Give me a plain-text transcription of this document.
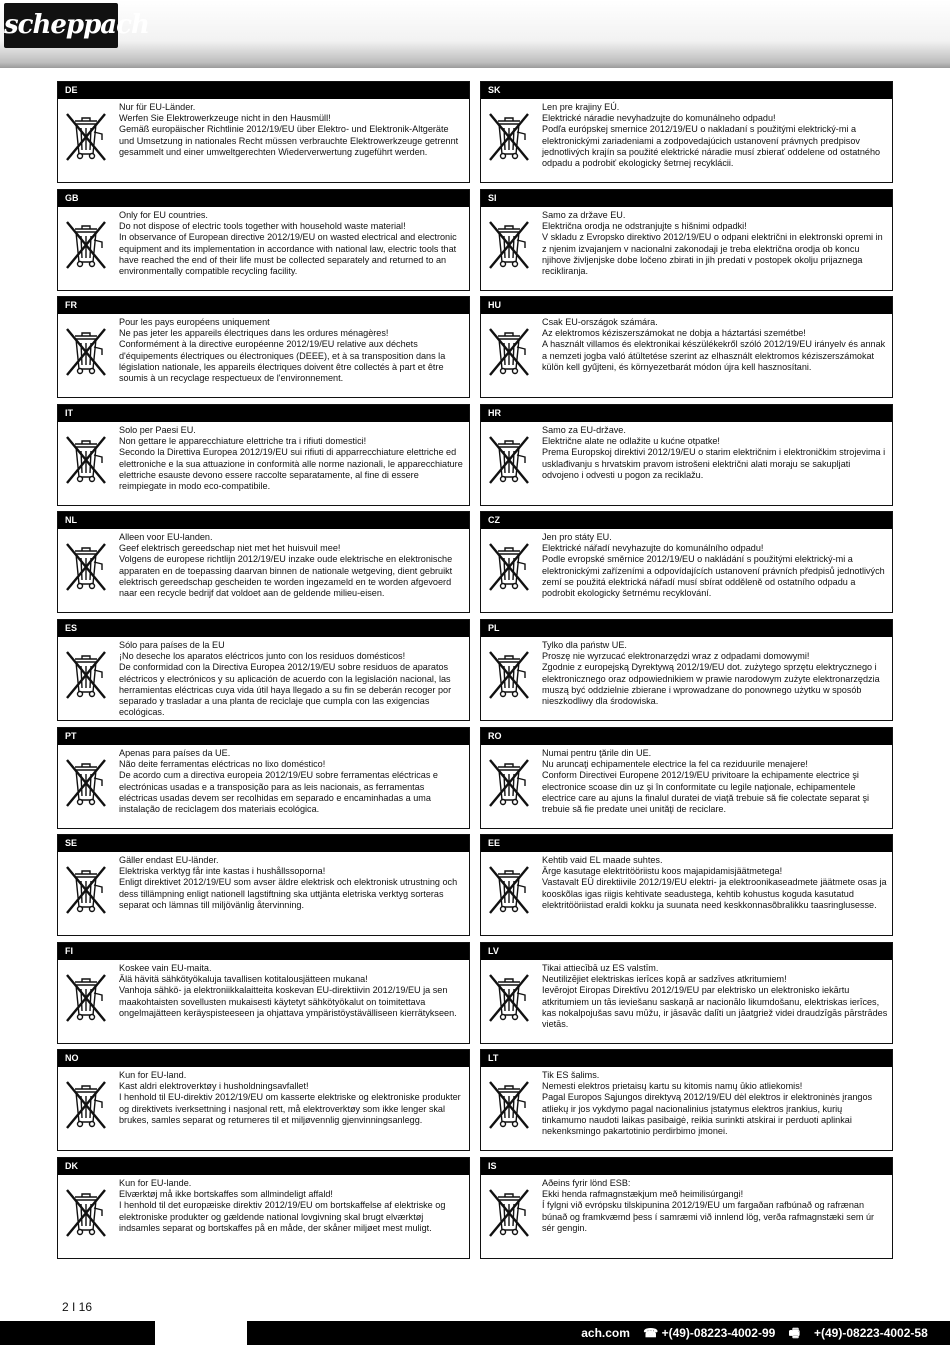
scheppach
DE
Nur für EU-Länder.
Werfen Sie Elektrowerkzeuge nicht in den Hausmüll!
Gemäß europäischer Richtlinie 2012/19/EU über Elektro- und Elektronik-Altgeräte und Umsetzung in nationales Recht müssen verbrauchte Elektrowerkzeuge getrennt gesammelt und einer umweltgerechten Wiederverwertung zugeführt werden.
SK
Len pre krajiny EÚ.
Elektrické náradie nevyhadzujte do komunálneho odpadu!
Podľa európskej smernice 2012/19/EU o nakladaní s použitými elektrický-mi a elektronickými zariadeniami a zodpovedajúcich ustanovení právnych predpisov jednotlivých krajín sa použité elektrické náradie musí zbierať oddelene od ostatného odpadu a podrobiť ekologicky šetrnej recyklácii.
GB
Only for EU countries.
Do not dispose of electric tools together with household waste material!
In observance of European directive 2012/19/EU on wasted electrical and electronic equipment and its implementation in accordance with national law, electric tools that have reached the end of their life must be collected separately and returned to an environmentally compatible recycling facility.
SI
Samo za države EU.
Električna orodja ne odstranjujte s hišnimi odpadki!
V skladu z Evropsko direktivo 2012/19/EU o odpani električni in elektronski opremi in z njenim izvajanjem v nacionalni zakonodaji je treba električna orodja ob koncu njihove življenjske dobe ločeno zbirati in jih predati v postopek okolju prijaznega recikliranja.
FR
Pour les pays européens uniquement
Ne pas jeter les appareils électriques dans les ordures ménagères!
Conformément à la directive européenne 2012/19/EU relative aux déchets d'équipements électriques ou électroniques (DEEE), et à sa transposition dans la législation nationale, les appareils électriques doivent être collectés à part et être soumis à un recyclage respectueux de l'environnement.
HU
Csak EU-országok számára.
Az elektromos kéziszerszámokat ne dobja a háztartási szemétbe!
A használt villamos és elektronikai készülékekről szóló 2012/19/EU irányelv és annak a nemzeti jogba való átültetése szerint az elhasznált elektromos kéziszerszámokat külön kell gyűjteni, és környezetbarát módon újra kell hasznosítani.
IT
Solo per Paesi EU.
Non gettare le apparecchiature elettriche tra i rifiuti domestici!
Secondo la Direttiva Europea 2012/19/EU sui rifiuti di apparrecchiature elettriche ed elettroniche e la sua attuazione in conformità alle norme nazionali, le apparecchiature elettriche esauste devono essere raccolte separatamente, al fine di essere reimpiegate in modo eco-compatibile.
HR
Samo za EU-države.
Električne alate ne odlažite u kućne otpatke!
Prema Europskoj direktivi 2012/19/EU o starim električnim i elektroničkim strojevima i usklađivanju s hrvatskim pravom istrošeni električni alati moraju se sakupljati odvojeno i odvesti u pogon za reciklažu.
NL
Alleen voor EU-landen.
Geef elektrisch gereedschap niet met het huisvuil mee!
Volgens de europese richtlijn 2012/19/EU inzake oude elektrische en elektronische apparaten en de toepassing daarvan binnen de nationale wetgeving, dient gebruikt elektrisch gereedschap gescheiden te worden ingezameld en te worden afgevoerd naar een recycle bedrijf dat voldoet aan de geldende milieu-eisen.
CZ
Jen pro státy EU.
Elektrické nářadí nevyhazujte do komunálního odpadu!
Podle evropské směrnice 2012/19/EU o nakládání s použitými elektrický-mi a elektronickými zařízeními a odpovídajících ustanovení právních předpisů jednotlivých zemí se použitá elektrická nářadí musí sbírat odděleně od ostatního odpadu a podrobit ekologicky šetrnému recyklování.
ES
Sólo para países de la EU
¡No deseche los aparatos eléctricos junto con los residuos domésticos!
De conformidad con la Directiva Europea 2012/19/EU sobre residuos de aparatos eléctricos y electrónicos y su aplicación de acuerdo con la legislación nacional, las herramientas eléctricas cuya vida útil haya llegado a su fin se deberán recoger por separado y trasladar a una planta de reciclaje que cumpla con las exigencias ecológicas.
PL
Tylko dla państw UE.
Proszę nie wyrzucać elektronarzędzi wraz z odpadami domowymi!
Zgodnie z europejską Dyrektywą 2012/19/EU dot. zużytego sprzętu elektrycznego i elektronicznego oraz odpowiednikiem w prawie narodowym zużyte elektronarzędzia muszą być oddzielnie zbierane i wprowadzane do ponownego użytku w sposób nieszkodliwy dla środowiska.
PT
Apenas para países da UE.
Não deite ferramentas eléctricas no lixo doméstico!
De acordo cum a directiva europeia 2012/19/EU sobre ferramentas eléctricas e electrónicas usadas e a transposição para as leis nacionais, as ferramentas eléctricas usadas devem ser recolhidas em separado e encaminhadas a uma instalação de reciclagem dos materiais ecológica.
RO
Numai pentru ţările din UE.
Nu aruncaţi echipamentele electrice la fel ca reziduurile menajere!
Conform Directivei Europene 2012/19/EU privitoare la echipamente electrice şi electronice scoase din uz şi în conformitate cu legile naţionale, echipamentele electrice care au ajuns la finalul duratei de viaţă trebuie să fie colectate separat şi trebuie să fie predate unei unităţi de reciclare.
SE
Gäller endast EU-länder.
Elektriska verktyg får inte kastas i hushållssoporna!
Enligt direktivet 2012/19/EU som avser äldre elektrisk och elektronisk utrustning och dess tillämpning enligt nationell lagstiftning ska uttjänta eletriska verktyg sorteras separat och lämnas till miljövänlig återvinning.
EE
Kehtib vaid EL maade suhtes.
Ärge kasutage elektritööriistu koos majapidamisjäätmetega!
Vastavalt EÜ direktiivile 2012/19/EU elektri- ja elektroonikaseadmete jäätmete osas ja kooskõlas igas riigis kehtivate seadustega, kehtib kohustus koguda kasutatud elektritööriistad eraldi kokku ja suunata need keskkonnasõbralikku taasringlusesse.
FI
Koskee vain EU-maita.
Älä hävitä sähkötyökaluja tavallisen kotitalousjätteen mukana!
Vanhoja sähkö- ja elektroniikkalaitteita koskevan EU-direktiivin 2012/19/EU ja sen maakohtaisten sovellusten mukaisesti käytetyt sähkötyökalut on toimitettava ongelmajätteen keräyspisteeseen ja ohjattava ympäristöystävälliseen kierrätykseen.
LV
Tikai attiecībā uz ES valstīm.
Neutilizējiet elektriskas ierīces kopā ar sadzīves atkritumiem!
Ievērojot Eiropas Direktīvu 2012/19/EU par elektrisko un elektronisko iekārtu atkritumiem un tās ieviešanu saskaņā ar nacionālo likumdošanu, elektriskas ierīces, kas nokalpojušas savu mūžu, ir jāsavāc dalīti un jāatgriež videi draudzīgās pārstrādes vietās.
NO
Kun for EU-land.
Kast aldri elektroverktøy i husholdningsavfallet!
I henhold til EU-direktiv 2012/19/EU om kasserte elektriske og elektroniske produkter og direktivets iverksettning i nasjonal rett, må elektroverktøy som ikke lenger skal brukes, samles separat og returneres til et miljøvennlig gjenvinningsanlegg.
LT
Tik ES šalims.
Nemesti elektros prietaisų kartu su kitomis namų ūkio atliekomis!
Pagal Europos Sąjungos direktyvą 2012/19/EU dėl elektros ir elektroninės įrangos atliekų ir jos vykdymo pagal nacionalinius įstatymus elektros įrankius, kurių tinkamumo naudoti laikas pasibaigė, reikia surinkti atskirai ir perduoti aplinkai nekenksmingo pakartotinio perdirbimo įmonei.
DK
Kun for EU-lande.
Elværktøj må ikke bortskaffes som allmindeligt affald!
I henhold til det europæiske direktiv 2012/19/EU om bortskaffelse af elektriske og elektroniske produkter og gældende national lovgivning skal brugt elværktøj indsamles separat og bortskaffes på en måde, der skåner miljøet mest muligt.
IS
Aðeins fyrir lönd ESB:
Ekki henda rafmagnstækjum með heimilisúrgangi!
Í fylgni við evrópsku tilskipunina 2012/19/EU um fargaðan rafbúnað og rafrænan búnað og framkvæmd þess í samræmi við innlend lög, verða rafmagnstæki sem úr sér gengin.
2 I 16
ach.com ☎ +(49)-08223-4002-99 🖷 +(49)-08223-4002-58
